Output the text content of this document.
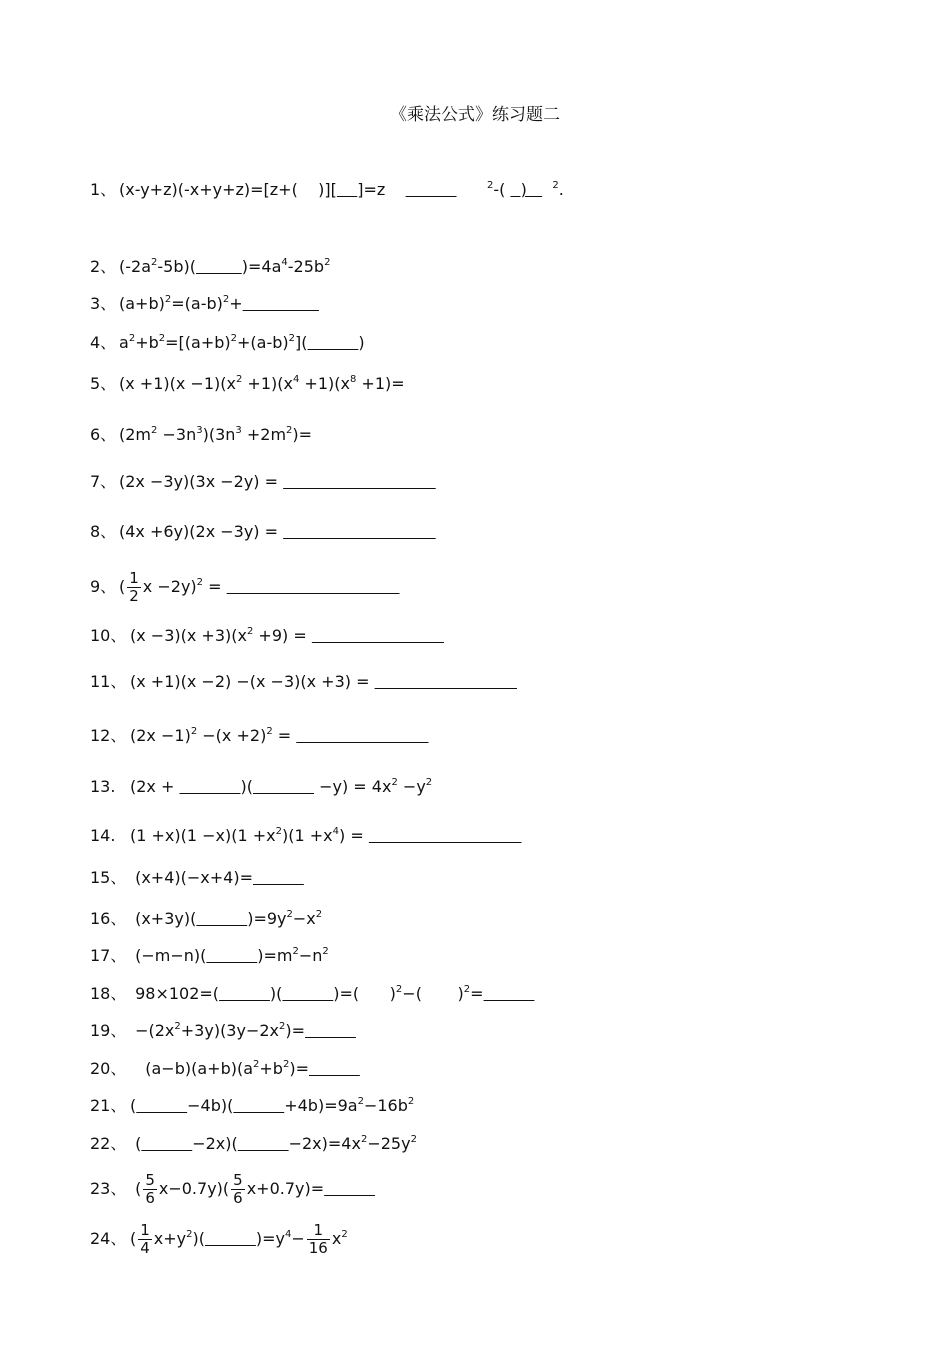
《乘法公式》练习题二
1、 (x-y+z)(-x+y+z)=[z+(    )][ ]=z	$^2$-(   )     $^2$.
2、 $(-2a^2-5b)$(	)$=4a^4-25b^2$
3、 $(a+b)^2=(a-b)^2+$
4、 $a^2+b^2=[(a+b)^2+(a-b)^2]$(	)
5、 $(x +1)(x -1)(x^2 +1)(x^4 +1)(x^8 +1)=$
6、 $(2m^2 -3n^3)(3n^3 +2m^2)=$
7、 (2x −3y)(3x −2y) =
8、 (4x +6y)(2x −3y) =
9、 ( $\frac{1}{2}$ x −2y)$^2$ =
10、 $(x -3)(x +3)(x^2 +9)$ =
11、 (x +1)(x −2) −(x −3)(x +3) =
12、 $(2x -1)^2 -(x +2)^2$ =
13. (2x +	)(	$-y) = 4x^2 -y^2$
14. $(1 +x)(1 -x)(1 +x^2)(1 +x^4)$ =
15、 (x+4)(−x+4)=
16、 (x+3y)(	)$=9y^2-x^2$
17、 (−m−n)(	)$=m^2-n^2$
18、 98×102=(	)(	)=(      )$^2$−(       )$^2$=
19、 $-(2x^2+3y)(3y-2x^2)=$
20、   $(a-b)(a+b)(a^2+b^2)=$
21、 (	−4b)(	$+4b)=9a^2-16b^2$
22、 (	−2x)(	$-2x)=4x^2-25y^2$
23、 ( $\frac{5}{6} x-0.7y)( \frac{5}{6} x+0.7y)=$
24、 ( $\frac{1}{4} x+y^2$)(	)$=y^4- \frac{1}{16} x^2$
